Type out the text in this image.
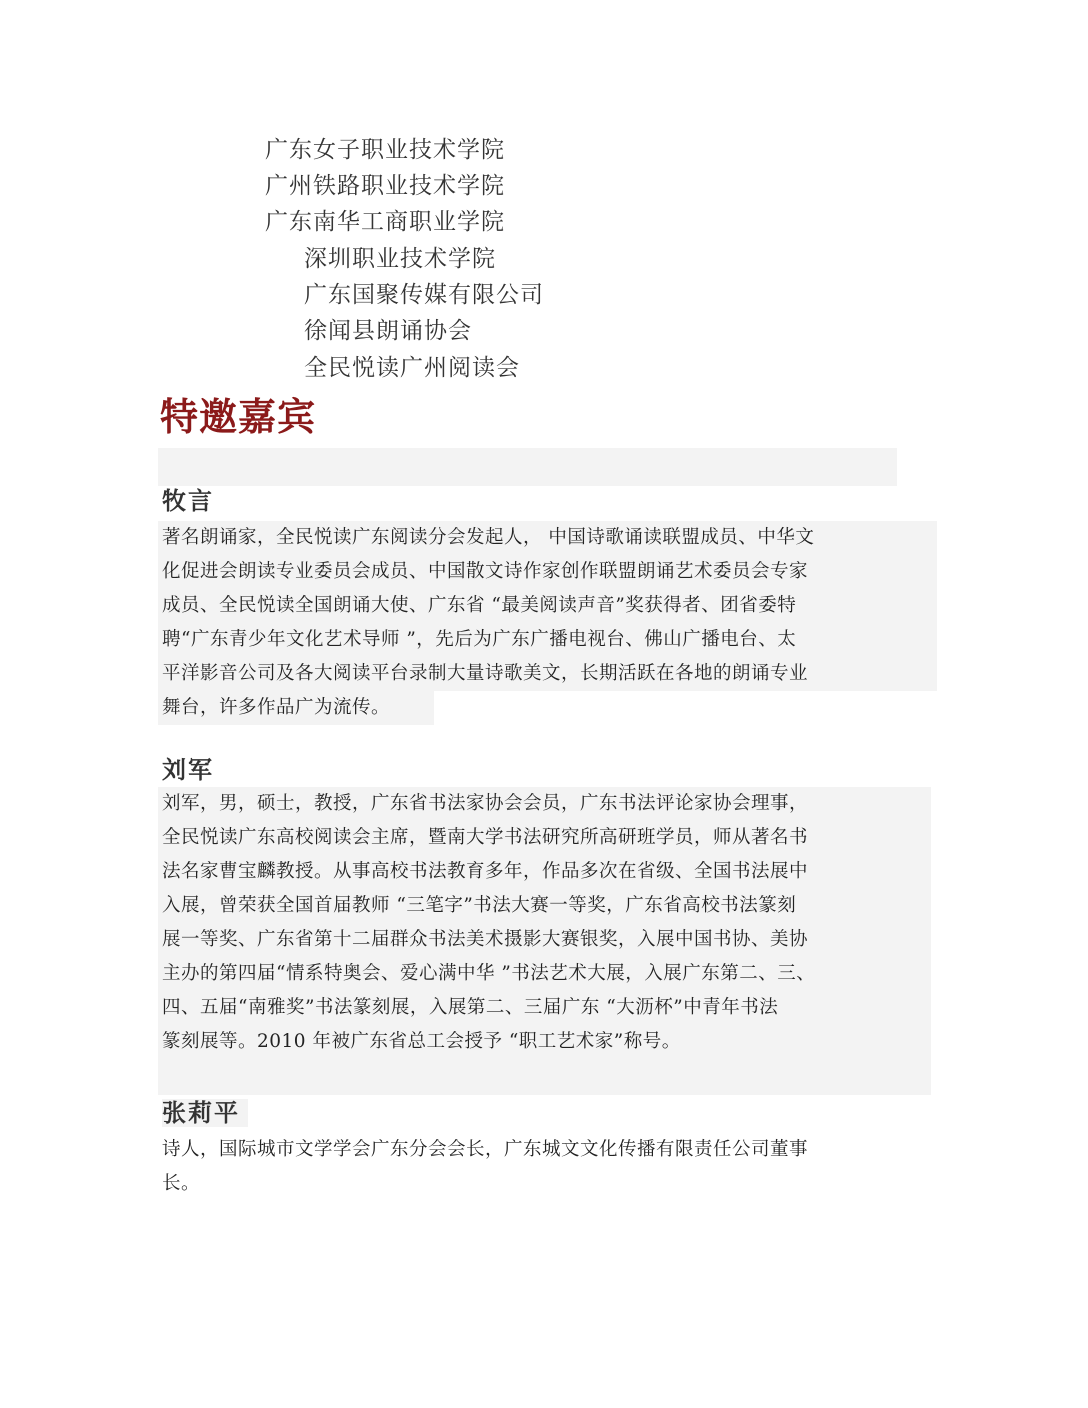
广东女子职业技术学院
广州铁路职业技术学院
广东南华工商职业学院
深圳职业技术学院
广东国聚传媒有限公司
徐闻县朗诵协会
全民悦读广州阅读会
特邀嘉宾
牧言
著名朗诵家，全民悦读广东阅读分会发起人， 中国诗歌诵读联盟成员、中华文
化促进会朗读专业委员会成员、中国散文诗作家创作联盟朗诵艺术委员会专家
成员、全民悦读全国朗诵大使、广东省 “最美阅读声音”奖获得者、团省委特
聘“广东青少年文化艺术导师 ”，先后为广东广播电视台、佛山广播电台、太
平洋影音公司及各大阅读平台录制大量诗歌美文，长期活跃在各地的朗诵专业
舞台，许多作品广为流传。
刘军
刘军，男，硕士，教授，广东省书法家协会会员，广东书法评论家协会理事，
全民悦读广东高校阅读会主席，暨南大学书法研究所高研班学员，师从著名书
法名家曹宝麟教授。从事高校书法教育多年，作品多次在省级、全国书法展中
入展，曾荣获全国首届教师 “三笔字”书法大赛一等奖，广东省高校书法篆刻
展一等奖、广东省第十二届群众书法美术摄影大赛银奖，入展中国书协、美协
主办的第四届“情系特奥会、爱心满中华 ”书法艺术大展，入展广东第二、三、
四、五届“南雅奖”书法篆刻展，入展第二、三届广东 “大沥杯”中青年书法
篆刻展等。2010 年被广东省总工会授予 “职工艺术家”称号。
张莉平
诗人，国际城市文学学会广东分会会长，广东城文文化传播有限责任公司董事
长。
